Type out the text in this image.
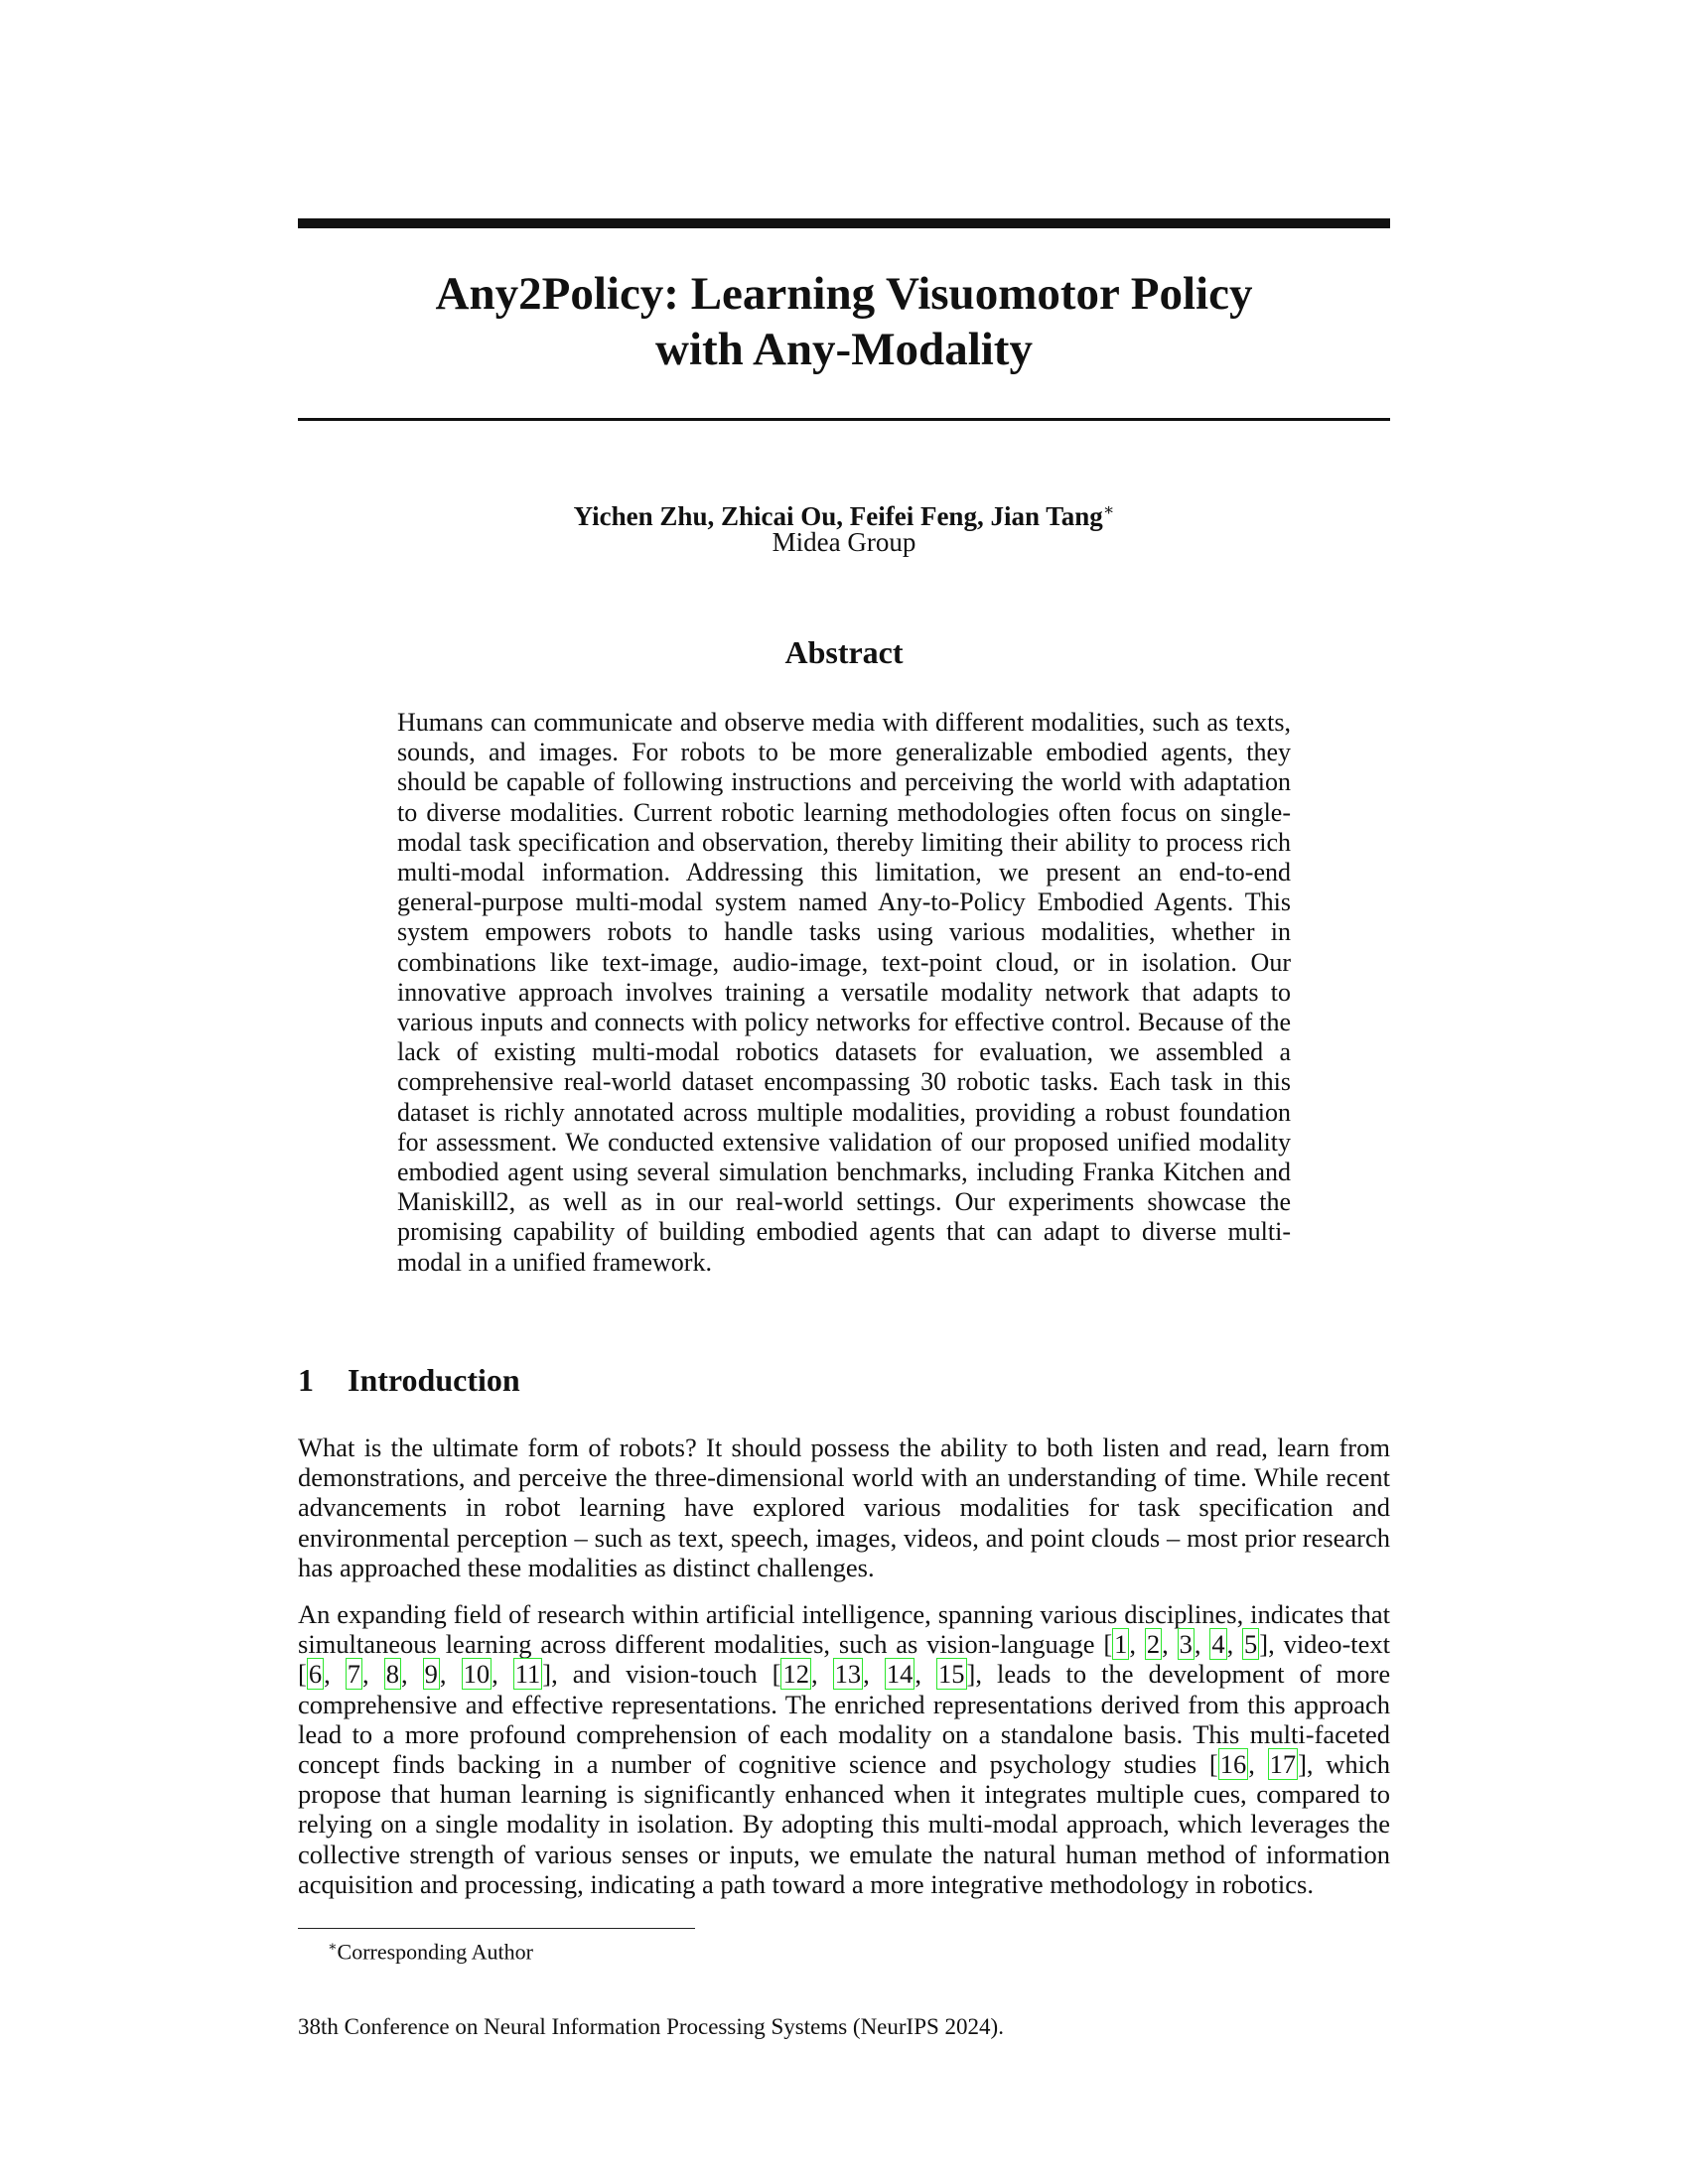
Any2Policy: Learning Visuomotor Policy
with Any-Modality
Yichen Zhu, Zhicai Ou, Feifei Feng, Jian Tang∗
Midea Group
Abstract

Humans can communicate and observe media with different modalities, such as texts, sounds, and images. For robots to be more generalizable embodied agents, they should be capable of following instructions and perceiving the world with adaptation to diverse modalities. Current robotic learning methodologies often focus on single-modal task specification and observation, thereby limiting their ability to process rich multi-modal information. Addressing this limitation, we present an end-to-end general-purpose multi-modal system named Any-to-Policy Embodied Agents. This system empowers robots to handle tasks using various modalities, whether in combinations like text-image, audio-image, text-point cloud, or in isolation. Our innovative approach involves training a versatile modality network that adapts to various inputs and connects with policy networks for effective control. Because of the lack of existing multi-modal robotics datasets for evaluation, we assembled a comprehensive real-world dataset encompassing 30 robotic tasks. Each task in this dataset is richly annotated across multiple modalities, providing a robust foundation for assessment. We conducted extensive validation of our proposed unified modality embodied agent using several simulation benchmarks, including Franka Kitchen and Maniskill2, as well as in our real-world settings. Our experiments showcase the promising capability of building embodied agents that can adapt to diverse multi-modal in a unified framework.

1 Introduction

What is the ultimate form of robots? It should possess the ability to both listen and read, learn from demonstrations, and perceive the three-dimensional world with an understanding of time. While recent advancements in robot learning have explored various modalities for task specification and environmental perception – such as text, speech, images, videos, and point clouds – most prior research has approached these modalities as distinct challenges.

An expanding field of research within artificial intelligence, spanning various disciplines, indicates that simultaneous learning across different modalities, such as vision-language [1, 2, 3, 4, 5], video-text [6, 7, 8, 9, 10, 11], and vision-touch [12, 13, 14, 15], leads to the development of more comprehensive and effective representations. The enriched representations derived from this approach lead to a more profound comprehension of each modality on a standalone basis. This multi-faceted concept finds backing in a number of cognitive science and psychology studies [16, 17], which propose that human learning is significantly enhanced when it integrates multiple cues, compared to relying on a single modality in isolation. By adopting this multi-modal approach, which leverages the collective strength of various senses or inputs, we emulate the natural human method of information acquisition and processing, indicating a path toward a more integrative methodology in robotics.

∗Corresponding Author
38th Conference on Neural Information Processing Systems (NeurIPS 2024).
